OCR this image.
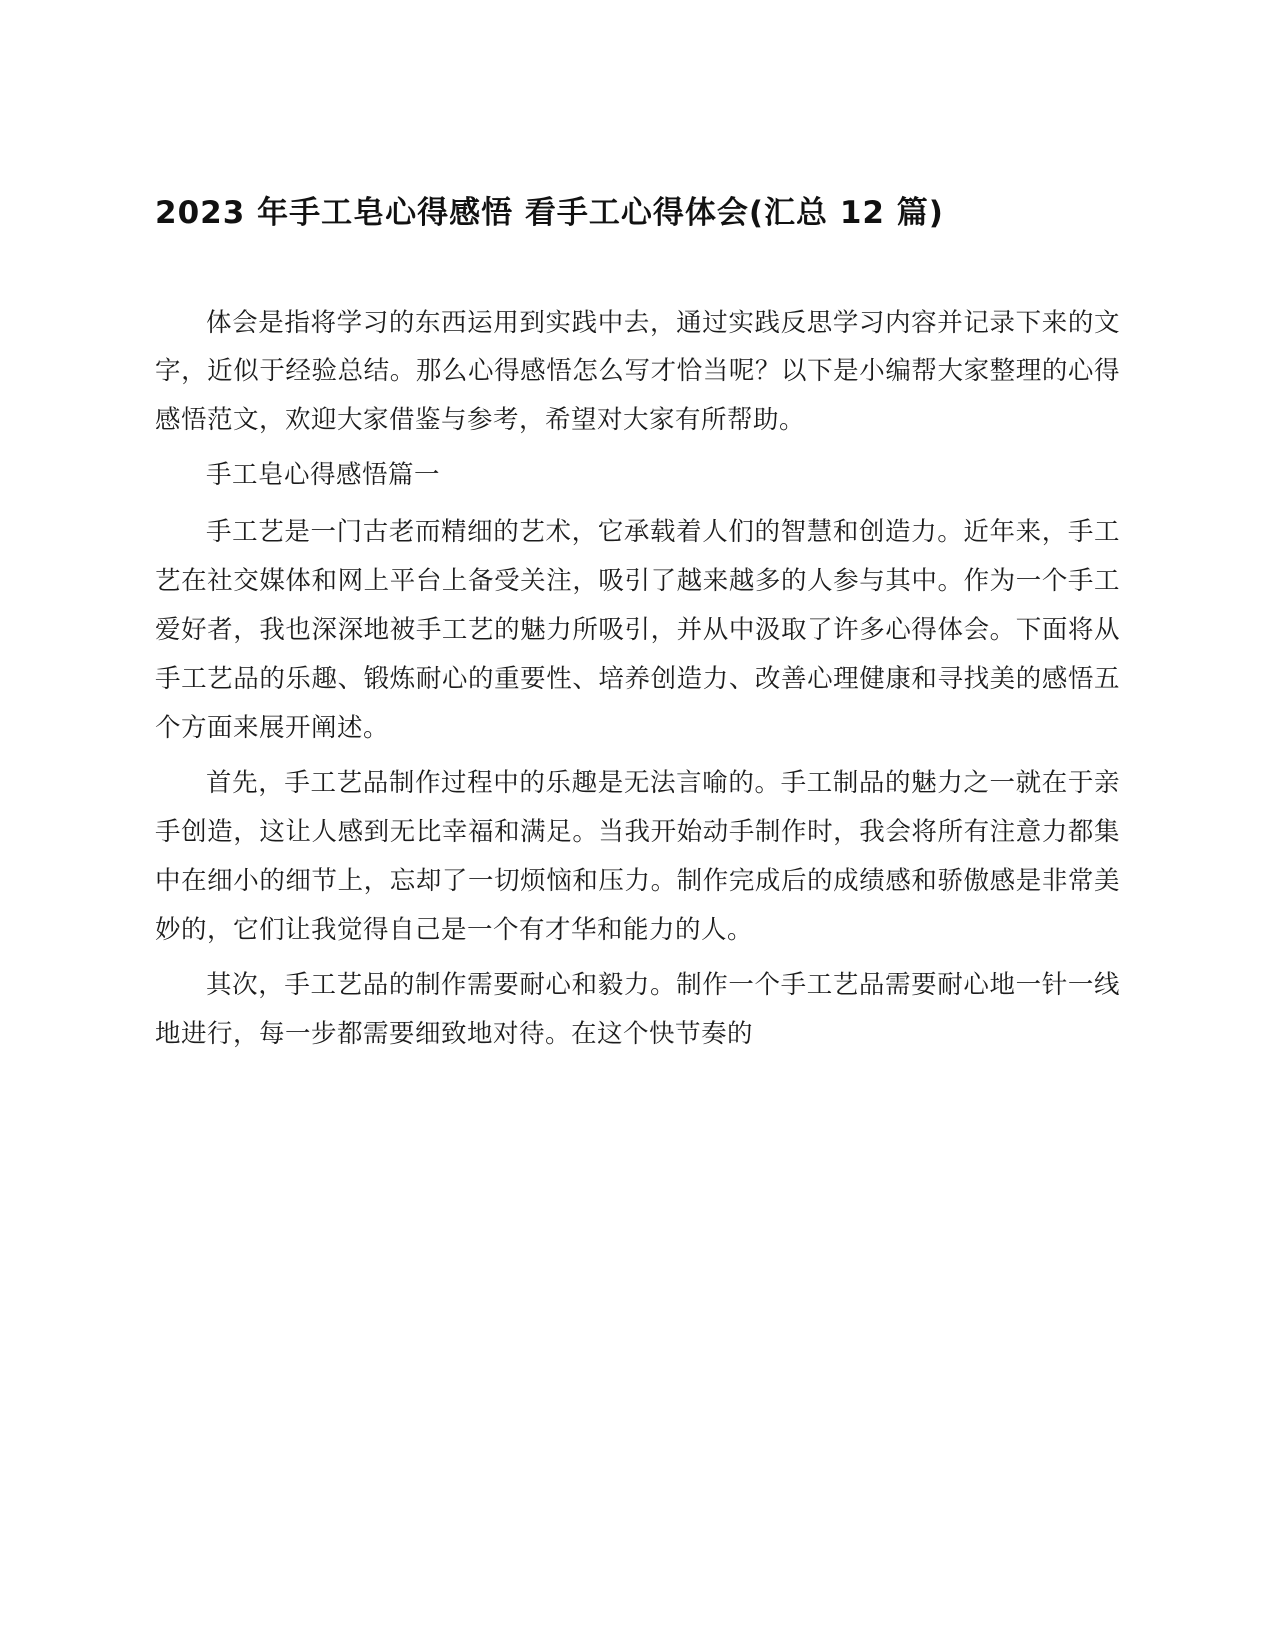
2023 年手工皂心得感悟 看手工心得体会(汇总 12 篇)

体会是指将学习的东西运用到实践中去，通过实践反思学习内容并记录下来的文字，近似于经验总结。那么心得感悟怎么写才恰当呢？以下是小编帮大家整理的心得感悟范文，欢迎大家借鉴与参考，希望对大家有所帮助。

手工皂心得感悟篇一

手工艺是一门古老而精细的艺术，它承载着人们的智慧和创造力。近年来，手工艺在社交媒体和网上平台上备受关注，吸引了越来越多的人参与其中。作为一个手工爱好者，我也深深地被手工艺的魅力所吸引，并从中汲取了许多心得体会。下面将从手工艺品的乐趣、锻炼耐心的重要性、培养创造力、改善心理健康和寻找美的感悟五个方面来展开阐述。

首先，手工艺品制作过程中的乐趣是无法言喻的。手工制品的魅力之一就在于亲手创造，这让人感到无比幸福和满足。当我开始动手制作时，我会将所有注意力都集中在细小的细节上，忘却了一切烦恼和压力。制作完成后的成绩感和骄傲感是非常美妙的，它们让我觉得自己是一个有才华和能力的人。

其次，手工艺品的制作需要耐心和毅力。制作一个手工艺品需要耐心地一针一线地进行，每一步都需要细致地对待。在这个快节奏的
